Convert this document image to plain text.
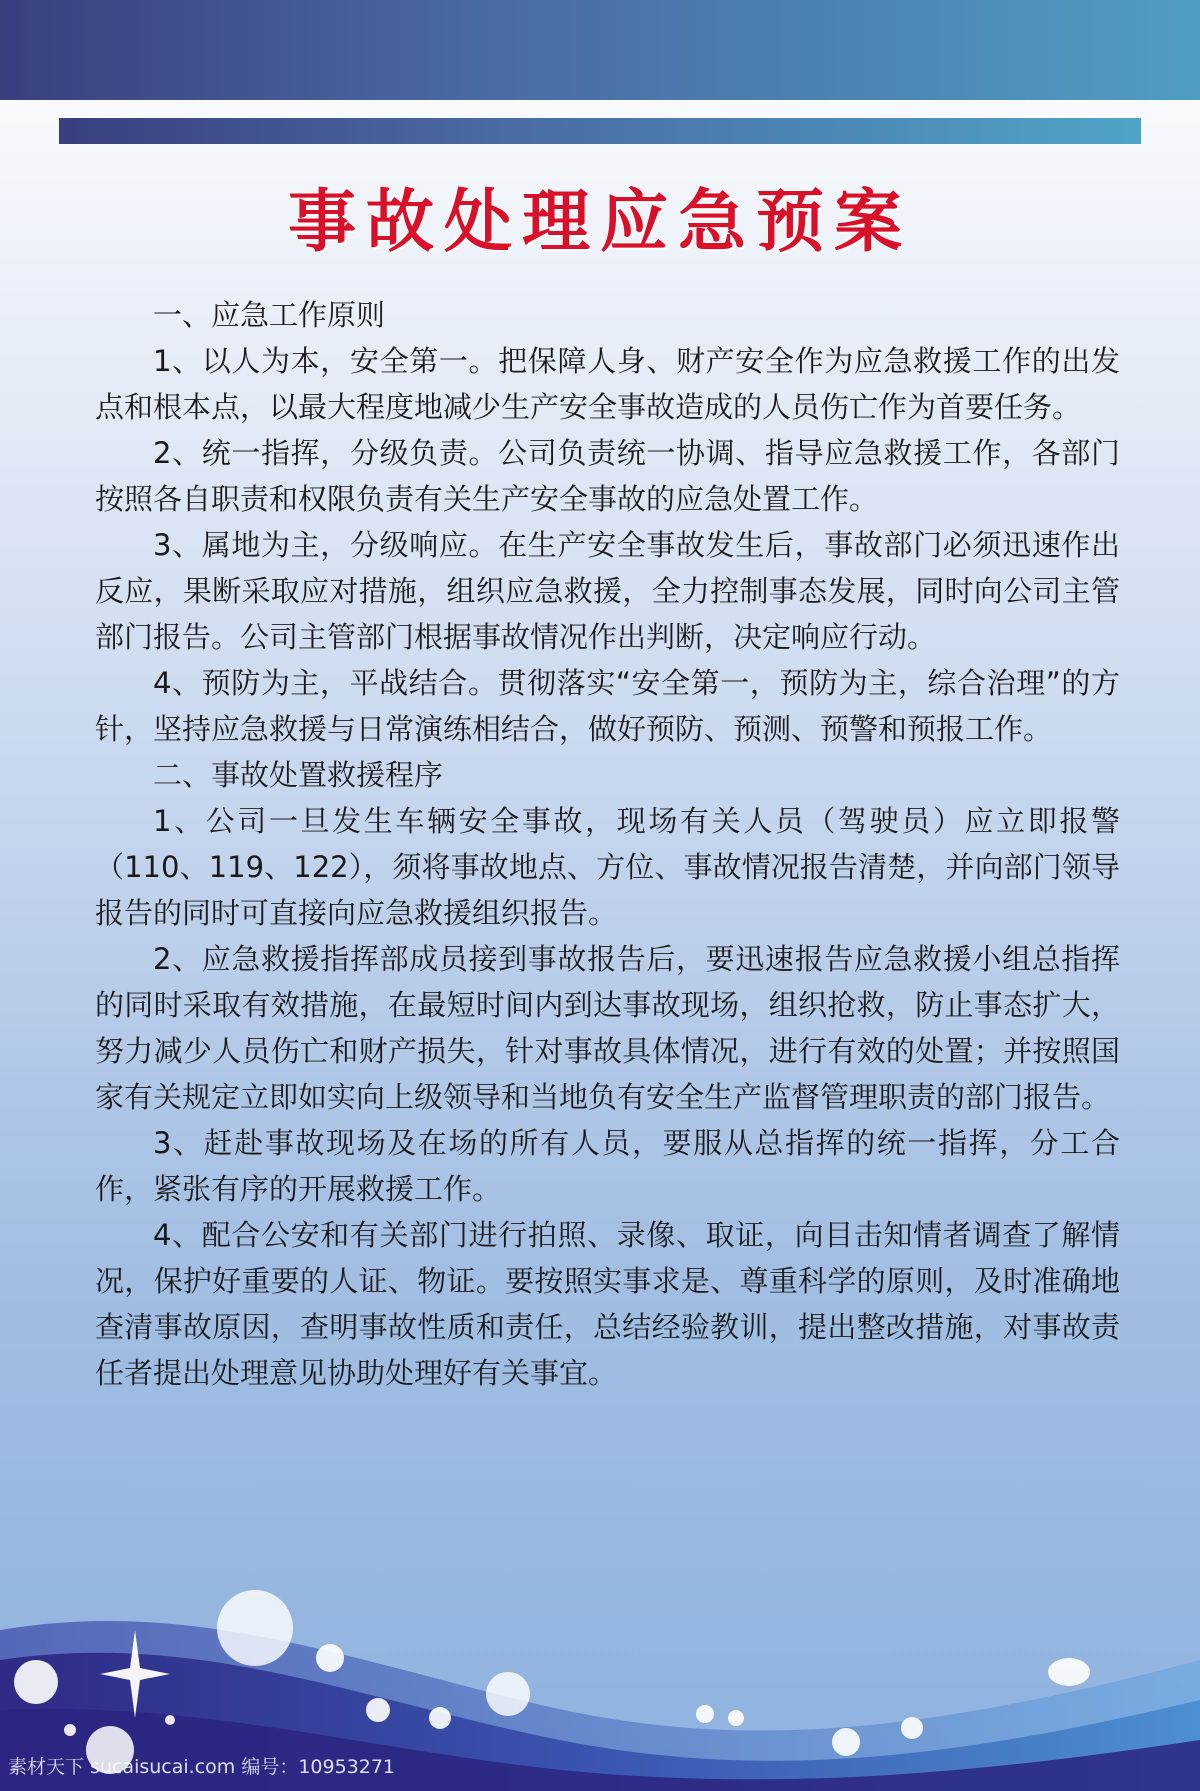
事故处理应急预案

一、应急工作原则

1、以人为本，安全第一。把保障人身、财产安全作为应急救援工作的出发点和根本点，以最大程度地减少生产安全事故造成的人员伤亡作为首要任务。

2、统一指挥，分级负责。公司负责统一协调、指导应急救援工作，各部门按照各自职责和权限负责有关生产安全事故的应急处置工作。

3、属地为主，分级响应。在生产安全事故发生后，事故部门必须迅速作出反应，果断采取应对措施，组织应急救援，全力控制事态发展，同时向公司主管部门报告。公司主管部门根据事故情况作出判断，决定响应行动。

4、预防为主，平战结合。贯彻落实“安全第一，预防为主，综合治理”的方针，坚持应急救援与日常演练相结合，做好预防、预测、预警和预报工作。

二、事故处置救援程序

1、公司一旦发生车辆安全事故，现场有关人员（驾驶员）应立即报警（110、119、122），须将事故地点、方位、事故情况报告清楚，并向部门领导报告的同时可直接向应急救援组织报告。

2、应急救援指挥部成员接到事故报告后，要迅速报告应急救援小组总指挥的同时采取有效措施，在最短时间内到达事故现场，组织抢救，防止事态扩大，努力减少人员伤亡和财产损失，针对事故具体情况，进行有效的处置；并按照国家有关规定立即如实向上级领导和当地负有安全生产监督管理职责的部门报告。

3、赶赴事故现场及在场的所有人员，要服从总指挥的统一指挥，分工合作，紧张有序的开展救援工作。

4、配合公安和有关部门进行拍照、录像、取证，向目击知情者调查了解情况，保护好重要的人证、物证。要按照实事求是、尊重科学的原则，及时准确地查清事故原因，查明事故性质和责任，总结经验教训，提出整改措施，对事故责任者提出处理意见协助处理好有关事宜。

素材天下 sucaisucai.com 编号：10953271
